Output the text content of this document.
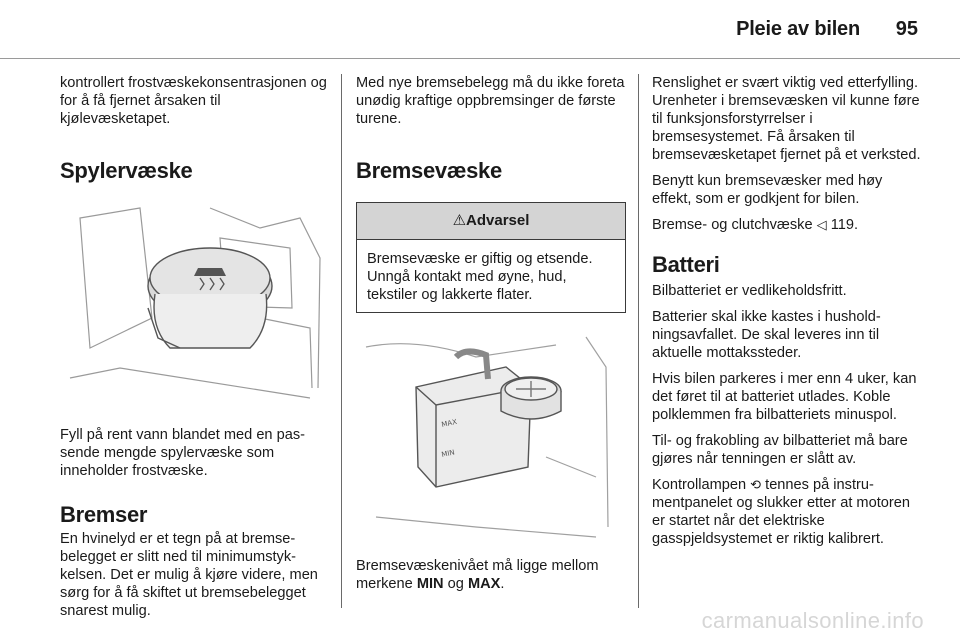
Pleie av bilen 95

kontrollert frostvæskekonsentrasjonen og for å få fjernet årsaken til kjølevæsketapet.

Spylervæske

Fyll på rent vann blandet med en passende mengde spylervæske som inneholder frostvæske.

Bremser

En hvinelyd er et tegn på at bremsebelegget er slitt ned til minimumstykkelsen. Det er mulig å kjøre videre, men sørg for å få skiftet ut bremsebelegget snarest mulig.

Med nye bremsebelegg må du ikke foreta unødig kraftige oppbremsinger de første turene.

Bremsevæske
⚠Advarsel

Bremsevæske er giftig og etsende. Unngå kontakt med øyne, hud, tekstiler og lakkerte flater.

MAX
MIN

Bremsevæskenivået må ligge mellom merkene MIN og MAX.

Renslighet er svært viktig ved etterfylling. Urenheter i bremsevæsken vil kunne føre til funksjonsforstyrrelser i bremsesystemet. Få årsaken til bremsevæsketapet fjernet på et verksted.

Benytt kun bremsevæsker med høy effekt, som er godkjent for bilen.

Bremse- og clutchvæske ◁ 119.

Batteri

Bilbatteriet er vedlikeholdsfritt.

Batterier skal ikke kastes i husholdningsavfallet. De skal leveres inn til aktuelle mottakssteder.

Hvis bilen parkeres i mer enn 4 uker, kan det føret til at batteriet utlades. Koble polklemmen fra bilbatteriets minuspol.

Til- og frakobling av bilbatteriet må bare gjøres når tenningen er slått av.

Kontrollampen ⟲ tennes på instrumentpanelet og slukker etter at motoren er startet når det elektriske gasspjeldsystemet er riktig kalibrert.

carmanualsonline.info
